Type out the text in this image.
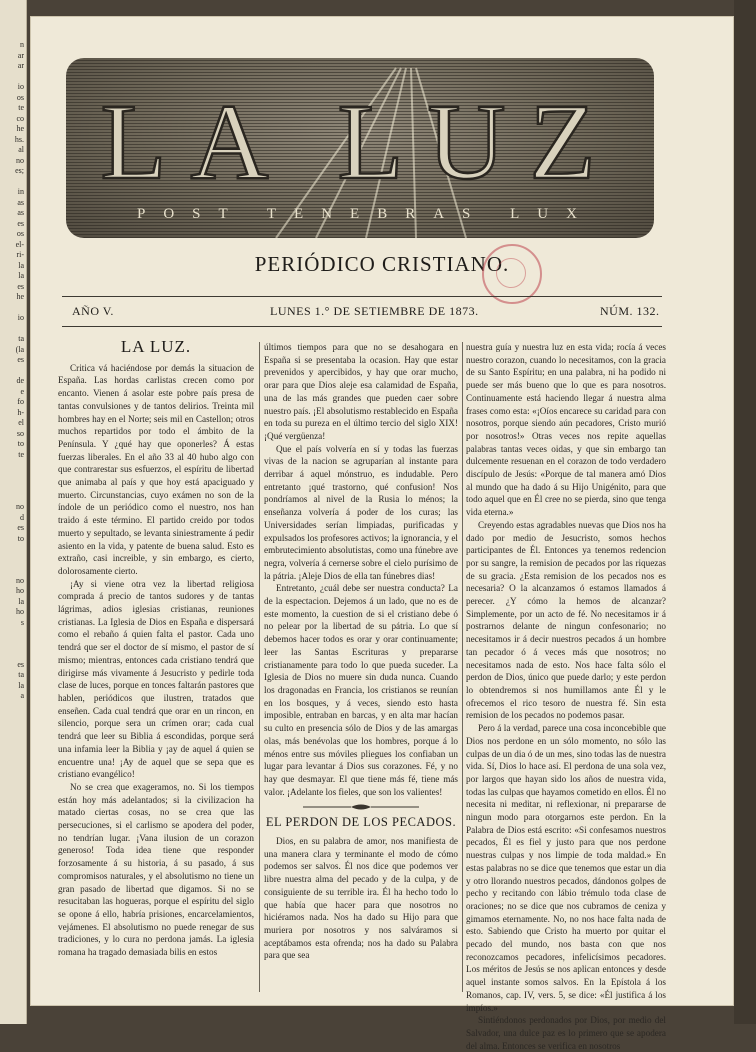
n
ar
ar

io
os
te
co
he
hs.
al
no
es;

in
as
as
es
os
el-
ri-
la
la
es
he

io

ta
(la
es

de
e
fo
h-
el
so
to
te

no
d
es
to

no
ho
la
ho
s

es
ta
la
a
LA LUZ
POST TENEBRAS LUX
PERIÓDICO CRISTIANO.
AÑO V.	LUNES 1.° DE SETIEMBRE DE 1873.	NÚM. 132.
LA LUZ.

Critica vá haciéndose por demás la situacion de España. Las hordas carlistas crecen como por encanto. Vienen á asolar este pobre país presa de tantas convulsiones y de tantos delirios. Treinta mil hombres hay en el Norte; seis mil en Castellon; otros muchos repartidos por todo el ámbito de la Península. Y ¿qué hay que oponerles? Á estas fuerzas liberales. En el año 33 al 40 hubo algo con que contrarestar sus esfuerzos, el espíritu de libertad que animaba al país y que hoy está apaciguado y muerto. Circunstancias, cuyo exámen no son de la índole de un periódico como el nuestro, nos han traido á este término. El partido creido por todos muerto y sepultado, se levanta siniestramente á pedir asiento en la vida, y patente de buena salud. Esto es extraño, casi increible, y sin embargo, es cierto, dolorosamente cierto.

¡Ay si viene otra vez la libertad religiosa comprada á precio de tantos sudores y de tantas lágrimas, adios iglesias cristianas, reuniones cristianas. La Iglesia de Dios en España e dispersará como el rebaño á quien falta el pastor. Cada uno tendrá que ser el doctor de sí mismo, el pastor de sí mismo; mientras, entonces cada cristiano tendrá que dirigirse más vivamente á Jesucristo y pedirle toda clase de luces, porque en tonces faltarán pastores que hablen, periódicos que ilustren, tratados que enseñen. Cada cual tendrá que orar en un rincon, en silencio, porque sera un crímen orar; cada cual tendrá que leer su Biblia á escondidas, porque será una infamia leer la Biblia y ¡ay de aquel á quien se encuentre una! ¡Ay de aquel que se sepa que es cristiano evangélico!

No se crea que exageramos, no. Si los tiempos están hoy más adelantados; si la civilizacion ha matado ciertas cosas, no se crea que las persecuciones, si el carlismo se apodera del poder, no tendrían lugar. ¡Vana ilusion de un corazon generoso! Toda idea tiene que responder forzosamente á su historia, á su pasado, á sus compromisos naturales, y el absolutismo no tiene un gran pasado de libertad que digamos. Si no se resucitaban las hogueras, porque el espíritu del siglo se opone á ello, habría prisiones, encarcelamientos, vejámenes. El absolutismo no puede renegar de sus tradiciones, y lo cura no perdona jamás. La iglesia romana ha tragado demasiada bilis en estos

últimos tiempos para que no se desahogara en España si se presentaba la ocasion. Hay que estar prevenidos y apercibidos, y hay que orar mucho, orar para que Dios aleje esa calamidad de España, una de las más grandes que pueden caer sobre nuestro país. ¡El absolutismo restablecido en España en toda su pureza en el último tercio del siglo XIX! ¡Qué vergüenza!

Que el país volvería en sí y todas las fuerzas vivas de la nacion se agruparían al instante para derribar á aquel mónstruo, es indudable. Pero entretanto ¡qué trastorno, qué confusion! Nos pondríamos al nivel de la Rusia lo ménos; la enseñanza volvería á poder de los curas; las Universidades serían limpiadas, purificadas y expulsados los profesores activos; la ignorancia, y el embrutecimiento absolutistas, como una fúnebre ave negra, volvería á cernerse sobre el cielo purísimo de la pátria. ¡Aleje Dios de ella tan fúnebres dias!

Entretanto, ¿cuál debe ser nuestra conducta? La de la espectacion. Dejemos á un lado, que no es de este momento, la cuestion de si el cristiano debe ó no pelear por la libertad de su pátria. Lo que sí debemos hacer todos es orar y orar continuamente; leer las Santas Escrituras y prepararse cristianamente para todo lo que pueda suceder. La Iglesia de Dios no muere sin duda nunca. Cuando los dragonadas en Francia, los cristianos se reunían en los bosques, y á veces, siendo esto hasta imposible, entraban en barcas, y en alta mar hacían su culto en presencia sólo de Dios y de las amargas olas, más benévolas que los hombres, porque á lo ménos entre sus móviles pliegues los confiaban un lugar para levantar á Dios sus corazones. Fé, y no hay que desmayar. El que tiene más fé, tiene más valor. ¡Adelante los fieles, que son los valientes!

EL PERDON DE LOS PECADOS.

Dios, en su palabra de amor, nos manifiesta de una manera clara y terminante el modo de cómo podemos ser salvos. Él nos dice que podemos ver libre nuestra alma del pecado y de la culpa, y de consiguiente de su terrible ira. Él ha hecho todo lo que había que hacer para que nosotros no hiciéramos nada. Nos ha dado su Hijo para que muriera por nosotros y nos salváramos si aceptábamos esta ofrenda; nos ha dado su Palabra para que sea

nuestra guía y nuestra luz en esta vida; rocía á veces nuestro corazon, cuando lo necesitamos, con la gracia de su Santo Espíritu; en una palabra, ni ha podido ni puede ser más bueno que lo que es para nosotros. Continuamente está haciendo llegar á nuestra alma frases como esta: «¡Oíos encarece su caridad para con nosotros, porque siendo aún pecadores, Cristo murió por nosotros!» Otras veces nos repite aquellas palabras tantas veces oidas, y que sin embargo tan dulcemente resuenan en el corazon de todo verdadero discípulo de Jesús: «Porque de tal manera amó Dios al mundo que ha dado á su Hijo Unigénito, para que todo aquel que en Él cree no se pierda, sino que tenga vida eterna.»

Creyendo estas agradables nuevas que Dios nos ha dado por medio de Jesucristo, somos hechos participantes de Él. Entonces ya tenemos redencion por su sangre, la remision de pecados por las riquezas de su gracia. ¿Esta remision de los pecados nos es necesaria? O la alcanzamos ó estamos llamados á perecer. ¿Y cómo la hemos de alcanzar? Simplemente, por un acto de fé. No necesitamos ir á postrarnos delante de ningun confesonario; no necesitamos ir á decir nuestros pecados á un hombre tan pecador ó á veces más que nosotros; no necesitamos nada de esto. Nos hace falta sólo el perdon de Dios, único que puede darlo; y este perdon lo obtendremos si nos humillamos ante Él y le ofrecemos el rico tesoro de nuestra fé. Sin esta remision de los pecados no podemos pasar.

Pero á la verdad, parece una cosa inconcebible que Dios nos perdone en un sólo momento, no sólo las culpas de un dia ó de un mes, sino todas las de nuestra vida. Sí, Dios lo hace así. El perdona de una sola vez, por largos que hayan sido los años de nuestra vida, todas las culpas que hayamos cometido en ellos. Él no necesita ni meditar, ni reflexionar, ni prepararse de ningun modo para otorgarnos este perdon. En la Palabra de Dios está escrito: «Si confesamos nuestros pecados, Él es fiel y justo para que nos perdone nuestras culpas y nos limpie de toda maldad.» En estas palabras no se dice que tenemos que estar un dia y otro llorando nuestros pecados, dándonos golpes de pecho y recitando con lábio trémulo toda clase de oraciones; no se dice que nos cubramos de ceniza y gimamos eternamente. No, no nos hace falta nada de esto. Sabiendo que Cristo ha muerto por quitar el pecado del mundo, nos basta con que nos reconozcamos pecadores, infelicísimos pecadores. Los méritos de Jesús se nos aplican entonces y desde aquel instante somos salvos. En la Epístola á los Romanos, cap. IV, vers. 5, se dice: «Él justifica á los impíos.»

Sintiéndonos perdonados por Dios, por medio del Salvador, una dulce paz es lo primero que se apodera del alma. Entonces se verifica en nosotros
